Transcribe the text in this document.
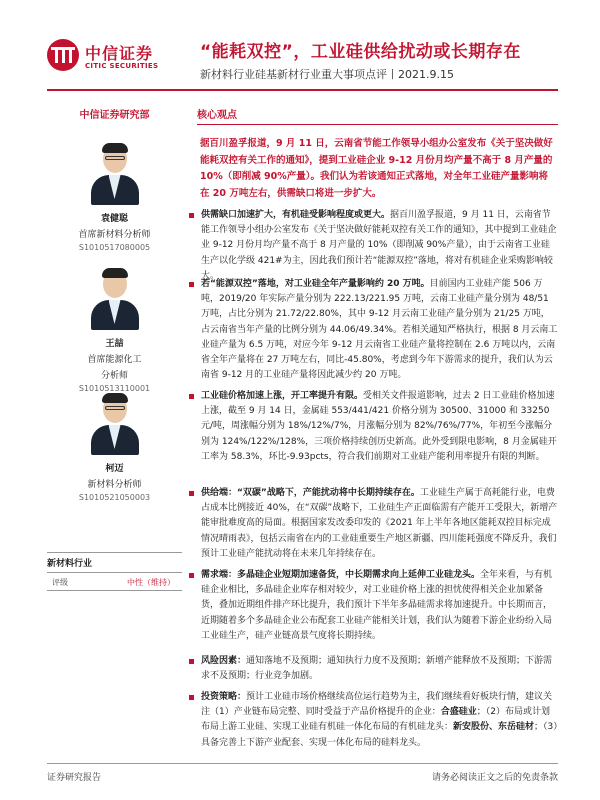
中信证券
CITIC SECURITIES
“能耗双控”，工业硅供给扰动或长期存在
新材料行业硅基新材行业重大事项点评丨2021.9.15
中信证券研究部
袁健聪
首席新材料分析师
S1010517080005
王喆
首席能源化工
分析师
S1010513110001
柯迈
新材料分析师
S1010521050003
新材料行业
评级	中性（维持）
核心观点
据百川盈孚报道，9 月 11 日，云南省节能工作领导小组办公室发布《关于坚决做好能耗双控有关工作的通知》，提到工业硅企业 9-12 月份月均产量不高于 8 月产量的 10%（即削减 90%产量）。我们认为若该通知正式落地，对全年工业硅产量影响将在 20 万吨左右，供需缺口将进一步扩大。
供需缺口加速扩大，有机硅受影响程度或更大。据百川盈孚报道，9 月 11 日，云南省节能工作领导小组办公室发布《关于坚决做好能耗双控有关工作的通知》，其中提到工业硅企业 9-12 月份月均产量不高于 8 月产量的 10%（即削减 90%产量），由于云南省工业硅生产以化学级 421#为主，因此我们预计若“能源双控”落地，将对有机硅企业采购影响较大。
若“能源双控”落地，对工业硅全年产量影响约 20 万吨。目前国内工业硅产能 506 万吨，2019/20 年实际产量分别为 222.13/221.95 万吨，云南工业硅产量分别为 48/51 万吨，占比分别为 21.72/22.80%，其中 9-12 月云南工业硅产量分别为 21/25 万吨，占云南省当年产量的比例分别为 44.06/49.34%。若相关通知严格执行，根据 8 月云南工业硅产量为 6.5 万吨，对应今年 9-12 月云南省工业硅产量将控制在 2.6 万吨以内，云南省全年产量将在 27 万吨左右，同比-45.80%，考虑到今年下游需求的提升，我们认为云南省 9-12 月的工业硅产量将因此减少约 20 万吨。
工业硅价格加速上涨，开工率提升有限。受相关文件报道影响，过去 2 日工业硅价格加速上涨，截至 9 月 14 日，金属硅 553/441/421 价格分别为 30500、31000 和 33250 元/吨，周涨幅分别为 18%/12%/7%，月涨幅分别为 82%/76%/77%，年初至今涨幅分别为 124%/122%/128%，三项价格持续创历史新高。此外受到限电影响，8 月金属硅开工率为 58.3%，环比-9.93pcts，符合我们前期对工业硅产能利用率提升有限的判断。
供给端：“双碳”战略下，产能扰动将中长期持续存在。工业硅生产属于高耗能行业，电费占成本比例接近 40%，在“双碳”战略下，工业硅生产正面临需有产能开工受限大，新增产能审批难度高的局面。根据国家发改委印发的《2021 年上半年各地区能耗双控目标完成情况晴雨表》，包括云南省在内的工业硅重要生产地区新疆、四川能耗强度不降反升，我们预计工业硅产能扰动将在未来几年持续存在。
需求端：多晶硅企业短期加速备货，中长期需求向上延伸工业硅龙头。全年来看，与有机硅企业相比，多晶硅企业库存相对较少，对工业硅价格上涨的担忧使得相关企业加紧备货，叠加近期组件排产环比提升，我们预计下半年多晶硅需求将加速提升。中长期而言，近期随着多个多晶硅企业公布配套工业硅产能相关计划，我们认为随着下游企业纷纷入局工业硅生产，硅产业链高景气度将长期持续。
风险因素：通知落地不及预期；通知执行力度不及预期；新增产能释放不及预期；下游需求不及预期；行业竞争加剧。
投资策略：预计工业硅市场价格继续高位运行趋势为主，我们继续看好板块行情，建议关注（1）产业链布局完整、同时受益于产品价格提升的企业：合盛硅业；（2）布局或计划布局上游工业硅、实现工业硅有机硅一体化布局的有机硅龙头：新安股份、东岳硅材；（3）具备完善上下游产业配套、实现一体化布局的硅料龙头。
证券研究报告	请务必阅读正文之后的免责条款
